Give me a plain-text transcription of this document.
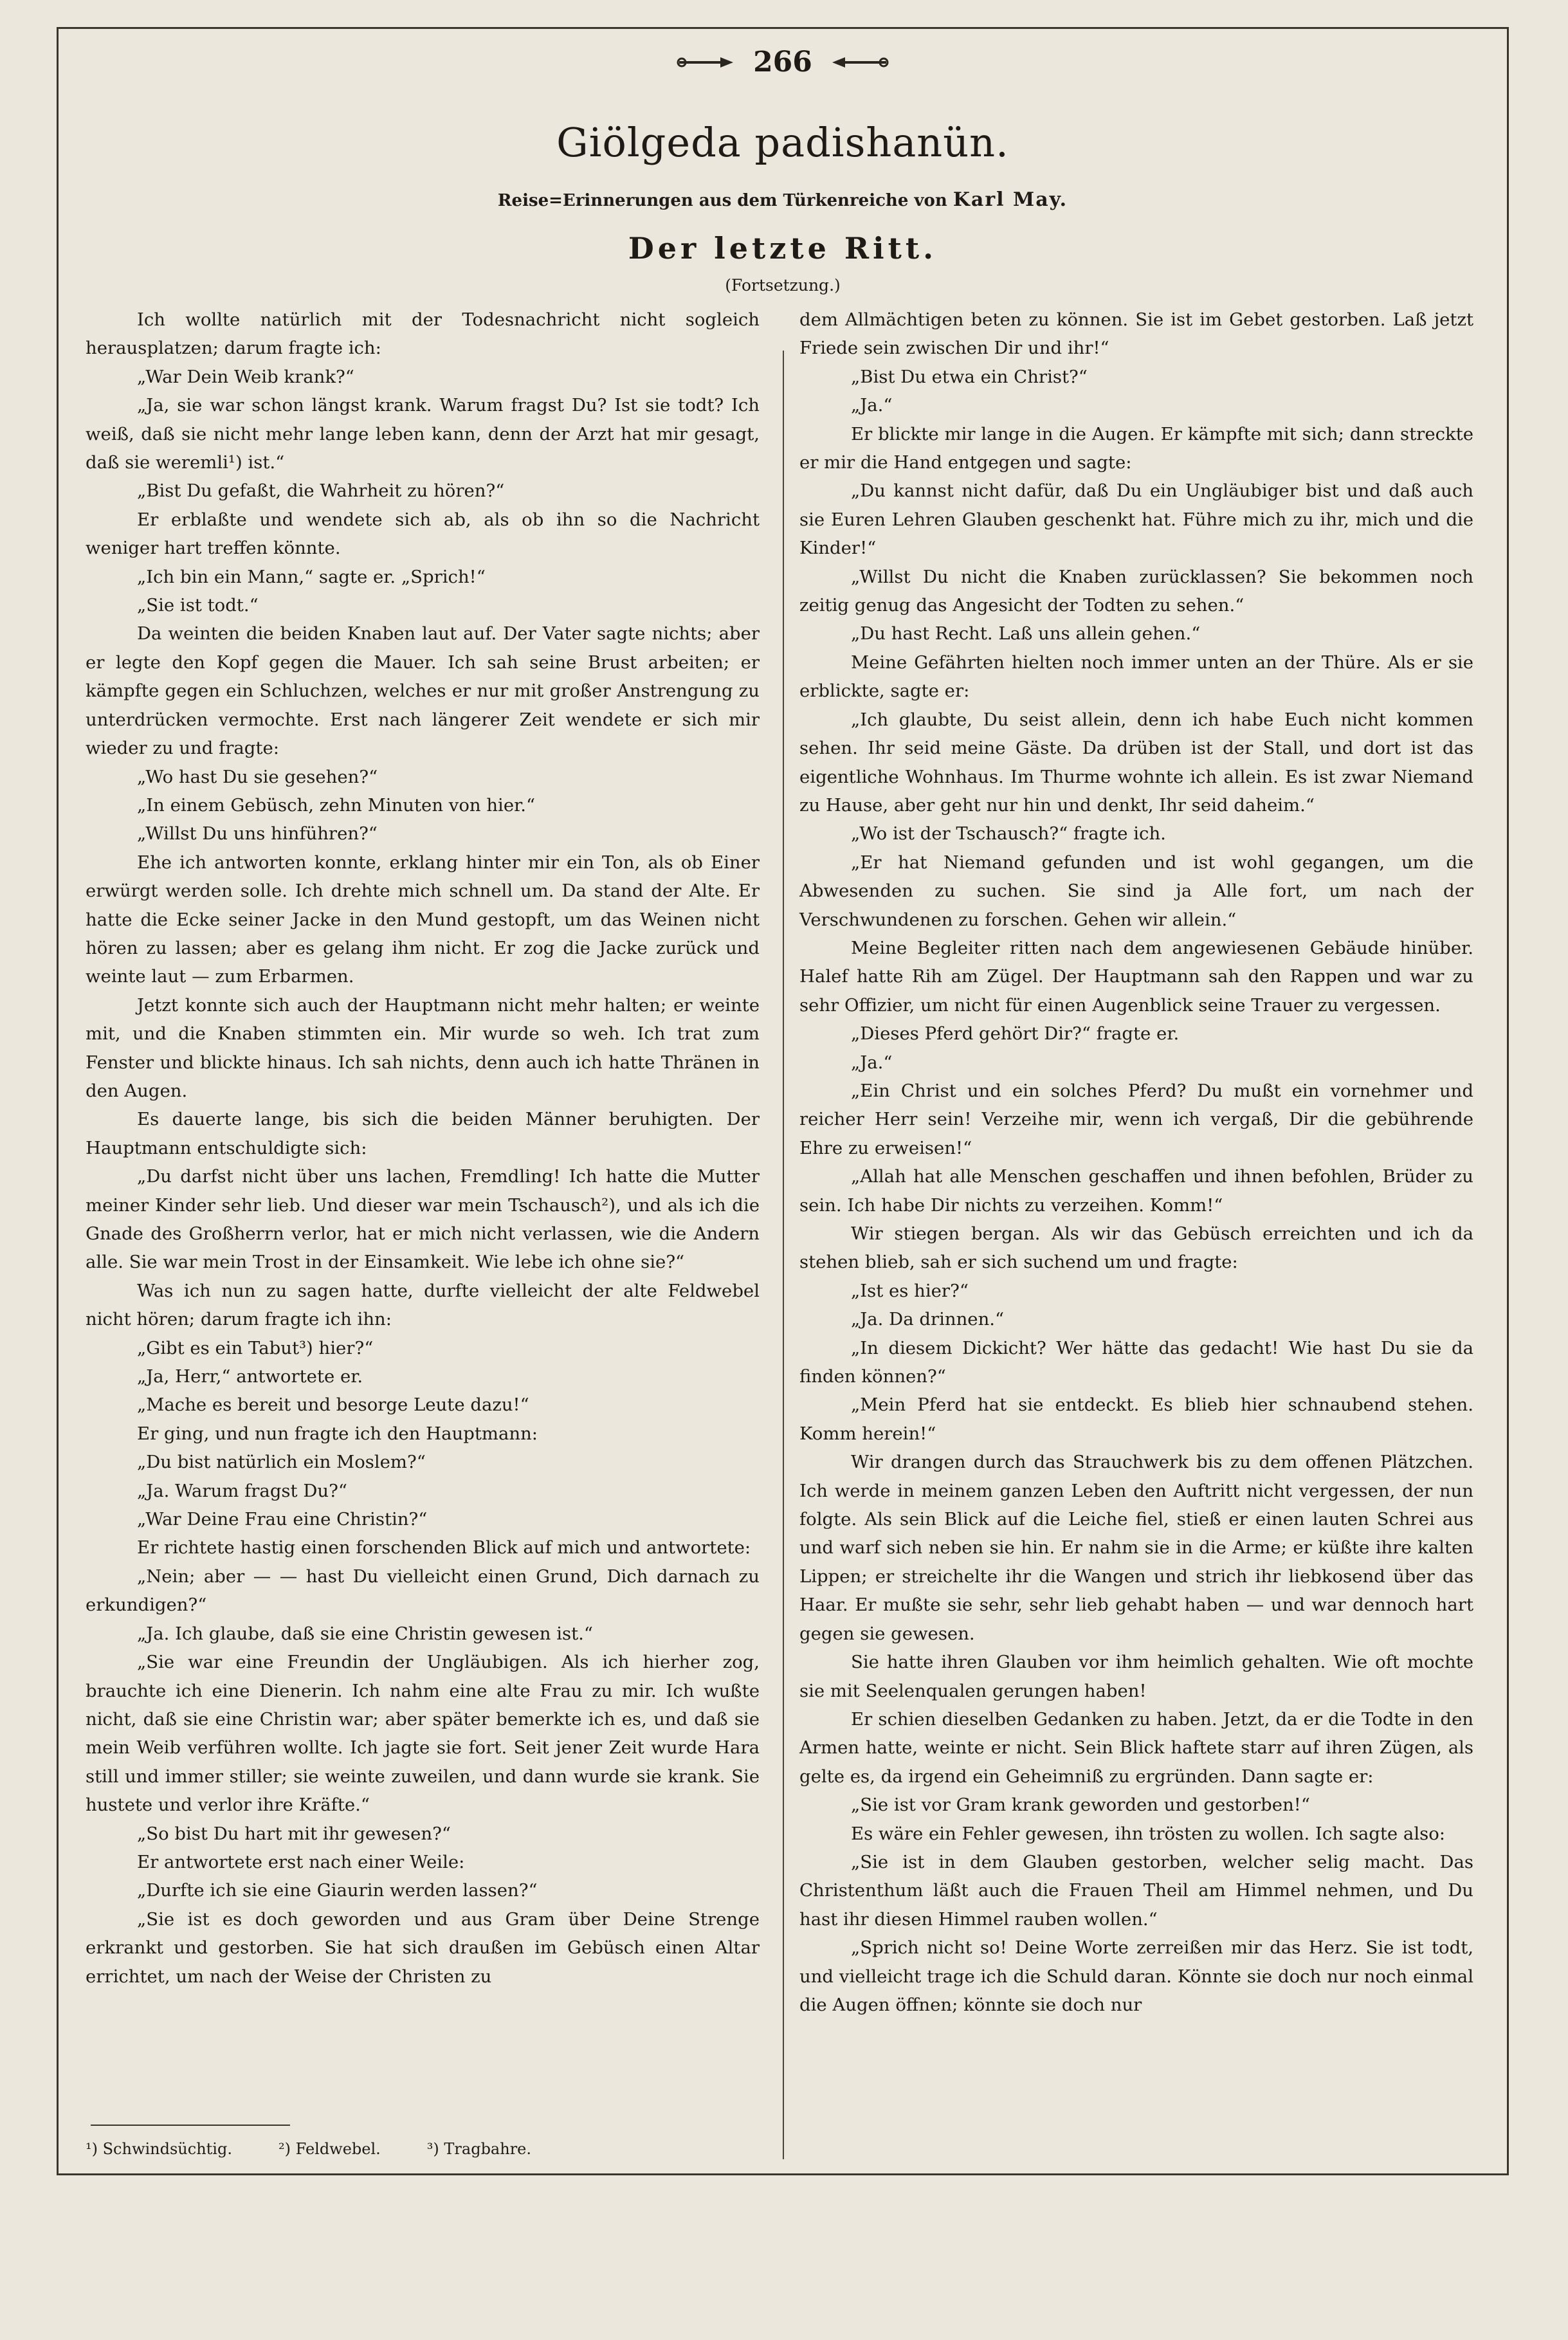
266
Giölgeda padishanün.
Reise=Erinnerungen aus dem Türkenreiche von Karl May.
Der letzte Ritt.
(Fortsetzung.)

Ich wollte natürlich mit der Todesnachricht nicht sogleich herausplatzen; darum fragte ich:

„War Dein Weib krank?“

„Ja, sie war schon längst krank. Warum fragst Du? Ist sie todt? Ich weiß, daß sie nicht mehr lange leben kann, denn der Arzt hat mir gesagt, daß sie weremli¹) ist.“

„Bist Du gefaßt, die Wahrheit zu hören?“

Er erblaßte und wendete sich ab, als ob ihn so die Nachricht weniger hart treffen könnte.

„Ich bin ein Mann,“ sagte er. „Sprich!“

„Sie ist todt.“

Da weinten die beiden Knaben laut auf. Der Vater sagte nichts; aber er legte den Kopf gegen die Mauer. Ich sah seine Brust arbeiten; er kämpfte gegen ein Schluchzen, welches er nur mit großer Anstrengung zu unterdrücken vermochte. Erst nach längerer Zeit wendete er sich mir wieder zu und fragte:

„Wo hast Du sie gesehen?“

„In einem Gebüsch, zehn Minuten von hier.“

„Willst Du uns hinführen?“

Ehe ich antworten konnte, erklang hinter mir ein Ton, als ob Einer erwürgt werden solle. Ich drehte mich schnell um. Da stand der Alte. Er hatte die Ecke seiner Jacke in den Mund gestopft, um das Weinen nicht hören zu lassen; aber es gelang ihm nicht. Er zog die Jacke zurück und weinte laut — zum Erbarmen.

Jetzt konnte sich auch der Hauptmann nicht mehr halten; er weinte mit, und die Knaben stimmten ein. Mir wurde so weh. Ich trat zum Fenster und blickte hinaus. Ich sah nichts, denn auch ich hatte Thränen in den Augen.

Es dauerte lange, bis sich die beiden Männer beruhigten. Der Hauptmann entschuldigte sich:

„Du darfst nicht über uns lachen, Fremdling! Ich hatte die Mutter meiner Kinder sehr lieb. Und dieser war mein Tschausch²), und als ich die Gnade des Großherrn verlor, hat er mich nicht verlassen, wie die Andern alle. Sie war mein Trost in der Einsamkeit. Wie lebe ich ohne sie?“

Was ich nun zu sagen hatte, durfte vielleicht der alte Feldwebel nicht hören; darum fragte ich ihn:

„Gibt es ein Tabut³) hier?“

„Ja, Herr,“ antwortete er.

„Mache es bereit und besorge Leute dazu!“

Er ging, und nun fragte ich den Hauptmann:

„Du bist natürlich ein Moslem?“

„Ja. Warum fragst Du?“

„War Deine Frau eine Christin?“

Er richtete hastig einen forschenden Blick auf mich und antwortete:

„Nein; aber — — hast Du vielleicht einen Grund, Dich darnach zu erkundigen?“

„Ja. Ich glaube, daß sie eine Christin gewesen ist.“

„Sie war eine Freundin der Ungläubigen. Als ich hierher zog, brauchte ich eine Dienerin. Ich nahm eine alte Frau zu mir. Ich wußte nicht, daß sie eine Christin war; aber später bemerkte ich es, und daß sie mein Weib verführen wollte. Ich jagte sie fort. Seit jener Zeit wurde Hara still und immer stiller; sie weinte zuweilen, und dann wurde sie krank. Sie hustete und verlor ihre Kräfte.“

„So bist Du hart mit ihr gewesen?“

Er antwortete erst nach einer Weile:

„Durfte ich sie eine Giaurin werden lassen?“

„Sie ist es doch geworden und aus Gram über Deine Strenge erkrankt und gestorben. Sie hat sich draußen im Gebüsch einen Altar errichtet, um nach der Weise der Christen zu

dem Allmächtigen beten zu können. Sie ist im Gebet gestorben. Laß jetzt Friede sein zwischen Dir und ihr!“

„Bist Du etwa ein Christ?“

„Ja.“

Er blickte mir lange in die Augen. Er kämpfte mit sich; dann streckte er mir die Hand entgegen und sagte:

„Du kannst nicht dafür, daß Du ein Ungläubiger bist und daß auch sie Euren Lehren Glauben geschenkt hat. Führe mich zu ihr, mich und die Kinder!“

„Willst Du nicht die Knaben zurücklassen? Sie bekommen noch zeitig genug das Angesicht der Todten zu sehen.“

„Du hast Recht. Laß uns allein gehen.“

Meine Gefährten hielten noch immer unten an der Thüre. Als er sie erblickte, sagte er:

„Ich glaubte, Du seist allein, denn ich habe Euch nicht kommen sehen. Ihr seid meine Gäste. Da drüben ist der Stall, und dort ist das eigentliche Wohnhaus. Im Thurme wohnte ich allein. Es ist zwar Niemand zu Hause, aber geht nur hin und denkt, Ihr seid daheim.“

„Wo ist der Tschausch?“ fragte ich.

„Er hat Niemand gefunden und ist wohl gegangen, um die Abwesenden zu suchen. Sie sind ja Alle fort, um nach der Verschwundenen zu forschen. Gehen wir allein.“

Meine Begleiter ritten nach dem angewiesenen Gebäude hinüber. Halef hatte Rih am Zügel. Der Hauptmann sah den Rappen und war zu sehr Offizier, um nicht für einen Augenblick seine Trauer zu vergessen.

„Dieses Pferd gehört Dir?“ fragte er.

„Ja.“

„Ein Christ und ein solches Pferd? Du mußt ein vornehmer und reicher Herr sein! Verzeihe mir, wenn ich vergaß, Dir die gebührende Ehre zu erweisen!“

„Allah hat alle Menschen geschaffen und ihnen befohlen, Brüder zu sein. Ich habe Dir nichts zu verzeihen. Komm!“

Wir stiegen bergan. Als wir das Gebüsch erreichten und ich da stehen blieb, sah er sich suchend um und fragte:

„Ist es hier?“

„Ja. Da drinnen.“

„In diesem Dickicht? Wer hätte das gedacht! Wie hast Du sie da finden können?“

„Mein Pferd hat sie entdeckt. Es blieb hier schnaubend stehen. Komm herein!“

Wir drangen durch das Strauchwerk bis zu dem offenen Plätzchen. Ich werde in meinem ganzen Leben den Auftritt nicht vergessen, der nun folgte. Als sein Blick auf die Leiche fiel, stieß er einen lauten Schrei aus und warf sich neben sie hin. Er nahm sie in die Arme; er küßte ihre kalten Lippen; er streichelte ihr die Wangen und strich ihr liebkosend über das Haar. Er mußte sie sehr, sehr lieb gehabt haben — und war dennoch hart gegen sie gewesen.

Sie hatte ihren Glauben vor ihm heimlich gehalten. Wie oft mochte sie mit Seelenqualen gerungen haben!

Er schien dieselben Gedanken zu haben. Jetzt, da er die Todte in den Armen hatte, weinte er nicht. Sein Blick haftete starr auf ihren Zügen, als gelte es, da irgend ein Geheimniß zu ergründen. Dann sagte er:

„Sie ist vor Gram krank geworden und gestorben!“

Es wäre ein Fehler gewesen, ihn trösten zu wollen. Ich sagte also:

„Sie ist in dem Glauben gestorben, welcher selig macht. Das Christenthum läßt auch die Frauen Theil am Himmel nehmen, und Du hast ihr diesen Himmel rauben wollen.“

„Sprich nicht so! Deine Worte zerreißen mir das Herz. Sie ist todt, und vielleicht trage ich die Schuld daran. Könnte sie doch nur noch einmal die Augen öffnen; könnte sie doch nur

¹) Schwindsüchtig.	²) Feldwebel.	³) Tragbahre.
